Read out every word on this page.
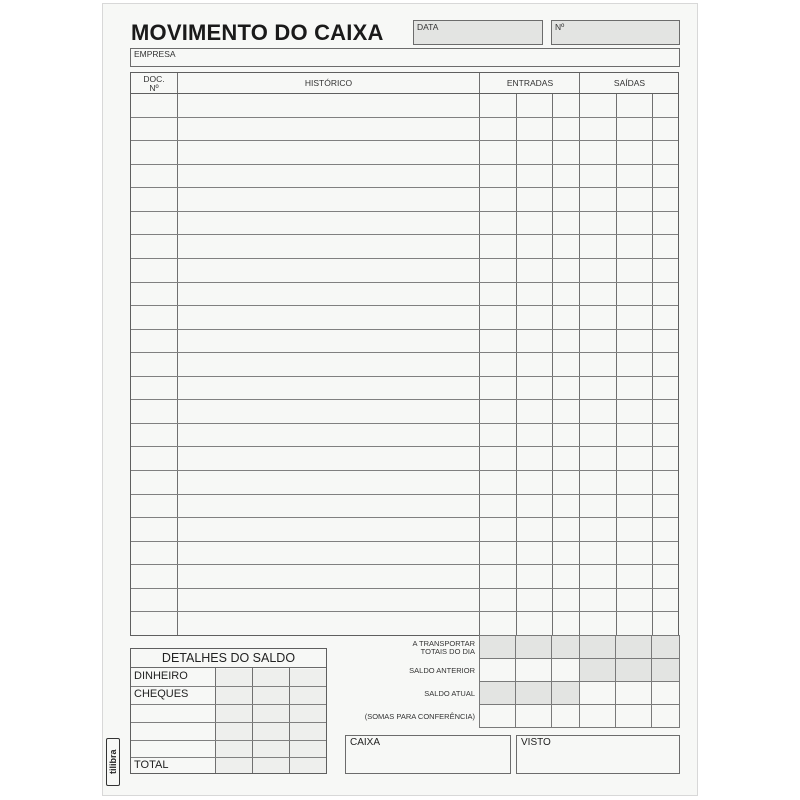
MOVIMENTO DO CAIXA	DATA	Nº
EMPRESA
DOC.
Nº	HISTÓRICO	ENTRADAS	SAÍDAS
A TRANSPORTAR
TOTAIS DO DIA
SALDO ANTERIOR
SALDO ATUAL
(SOMAS PARA CONFERÊNCIA)
DETALHES DO SALDO
DINHEIRO
CHEQUES
TOTAL
tilibra
CAIXA	VISTO
